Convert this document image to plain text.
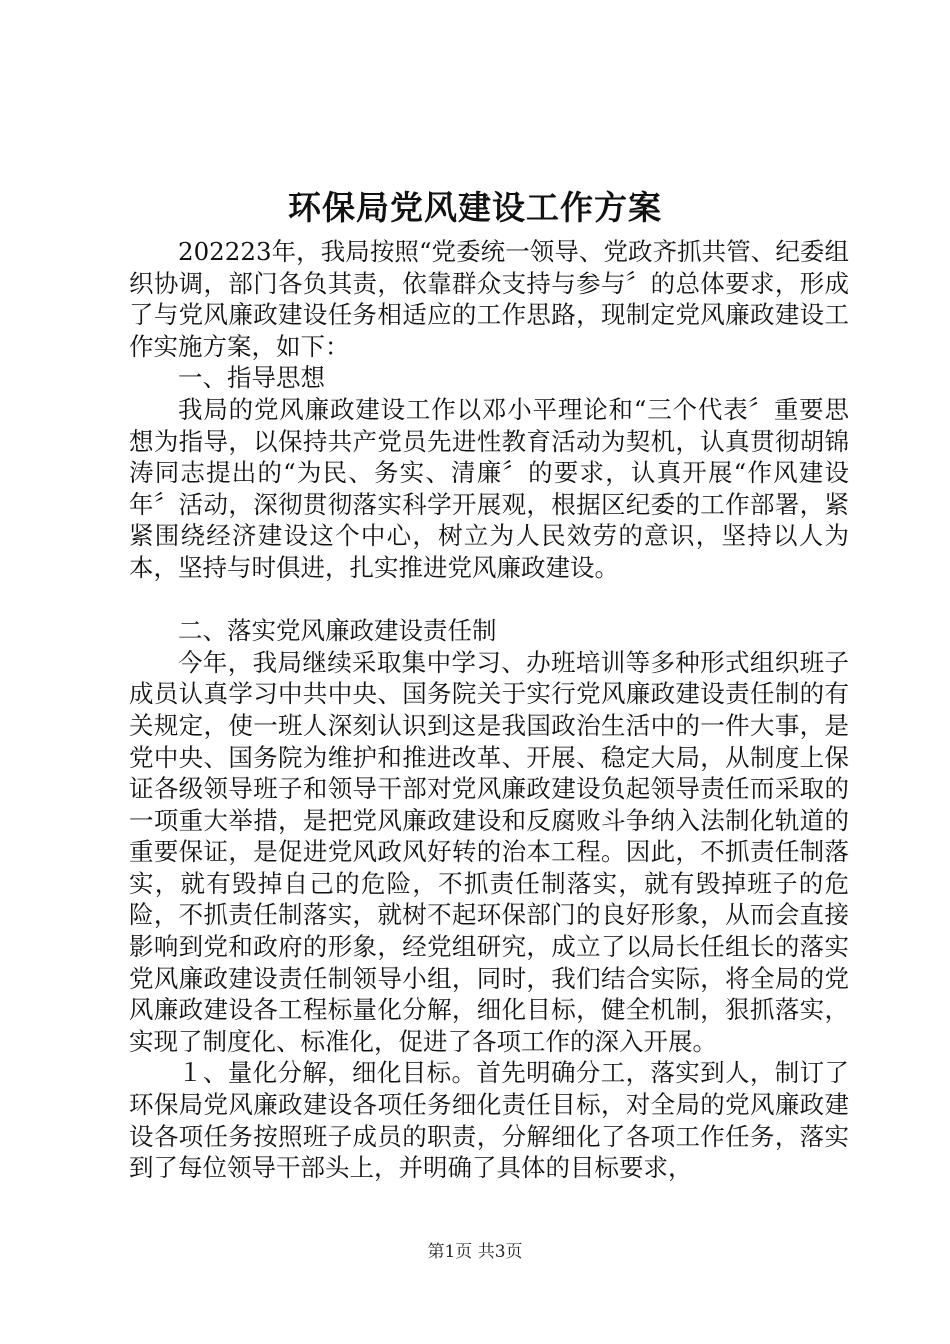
环保局党风建设工作方案

202223年，我局按照“党委统一领导、党政齐抓共管、纪委组织协调，部门各负其责，依靠群众支持与参与〞的总体要求，形成了与党风廉政建设任务相适应的工作思路，现制定党风廉政建设工作实施方案，如下：

一、指导思想

我局的党风廉政建设工作以邓小平理论和“三个代表〞重要思想为指导，以保持共产党员先进性教育活动为契机，认真贯彻胡锦涛同志提出的“为民、务实、清廉〞的要求，认真开展“作风建设年〞活动，深彻贯彻落实科学开展观，根据区纪委的工作部署，紧紧围绕经济建设这个中心，树立为人民效劳的意识，坚持以人为本，坚持与时俱进，扎实推进党风廉政建设。

二、落实党风廉政建设责任制

今年，我局继续采取集中学习、办班培训等多种形式组织班子成员认真学习中共中央、国务院关于实行党风廉政建设责任制的有关规定，使一班人深刻认识到这是我国政治生活中的一件大事，是党中央、国务院为维护和推进改革、开展、稳定大局，从制度上保证各级领导班子和领导干部对党风廉政建设负起领导责任而采取的一项重大举措，是把党风廉政建设和反腐败斗争纳入法制化轨道的重要保证，是促进党风政风好转的治本工程。因此，不抓责任制落实，就有毁掉自己的危险，不抓责任制落实，就有毁掉班子的危险，不抓责任制落实，就树不起环保部门的良好形象，从而会直接影响到党和政府的形象，经党组研究，成立了以局长任组长的落实党风廉政建设责任制领导小组，同时，我们结合实际，将全局的党风廉政建设各工程标量化分解，细化目标，健全机制，狠抓落实，实现了制度化、标准化，促进了各项工作的深入开展。

１、量化分解，细化目标。首先明确分工，落实到人，制订了环保局党风廉政建设各项任务细化责任目标，对全局的党风廉政建设各项任务按照班子成员的职责，分解细化了各项工作任务，落实到了每位领导干部头上，并明确了具体的目标要求，

第1页 共3页
